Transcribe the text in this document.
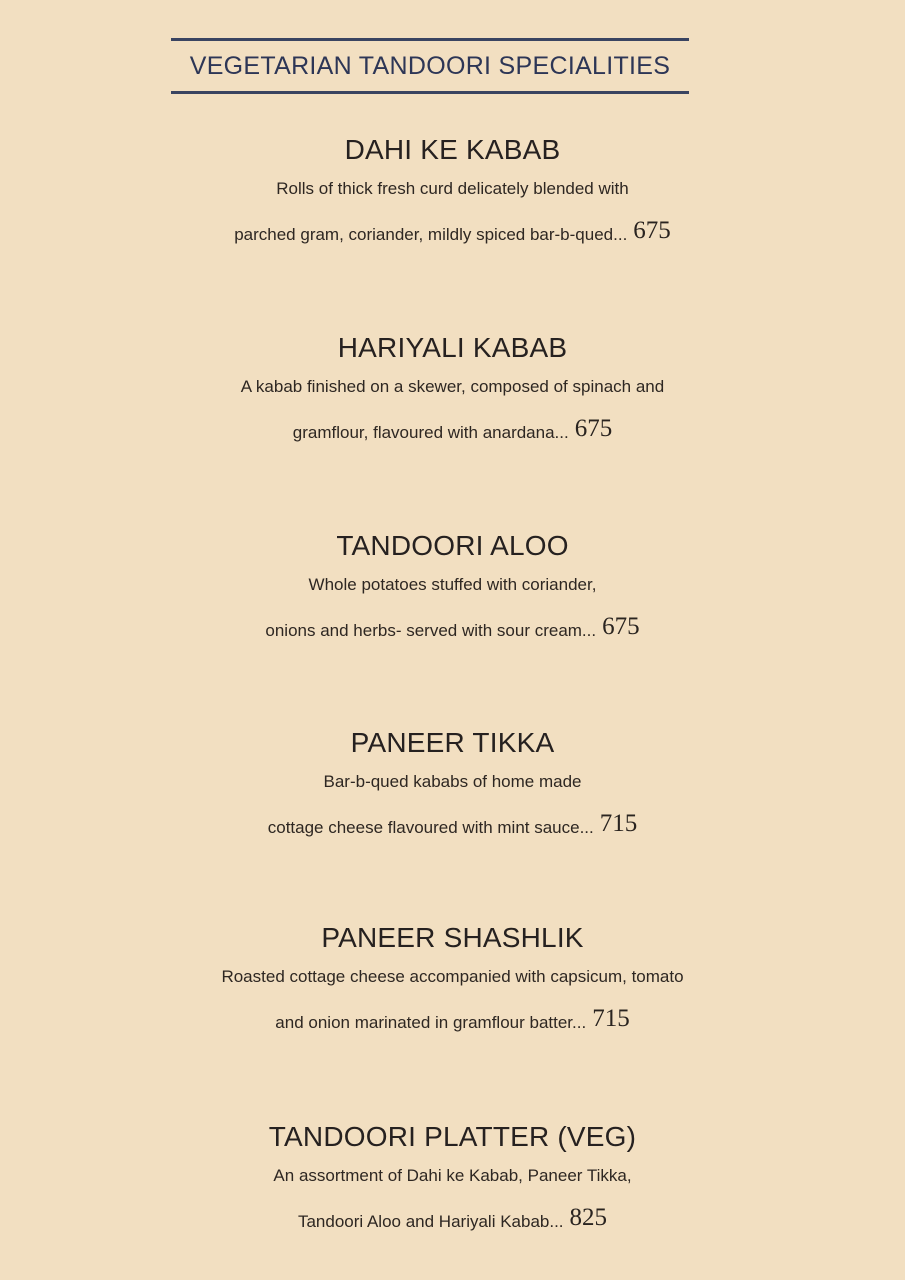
VEGETARIAN TANDOORI SPECIALITIES
DAHI KE KABAB
Rolls of thick fresh curd delicately blended with
parched gram, coriander, mildly spiced bar-b-qued... 675
HARIYALI KABAB
A kabab finished on a skewer, composed of spinach and
gramflour, flavoured with anardana... 675
TANDOORI ALOO
Whole potatoes stuffed with coriander,
onions and herbs- served with sour cream... 675
PANEER TIKKA
Bar-b-qued kababs of home made
cottage cheese flavoured with mint sauce... 715
PANEER SHASHLIK
Roasted cottage cheese accompanied with capsicum, tomato
and onion marinated in gramflour batter... 715
TANDOORI PLATTER (VEG)
An assortment of Dahi ke Kabab, Paneer Tikka,
Tandoori Aloo and Hariyali Kabab... 825
